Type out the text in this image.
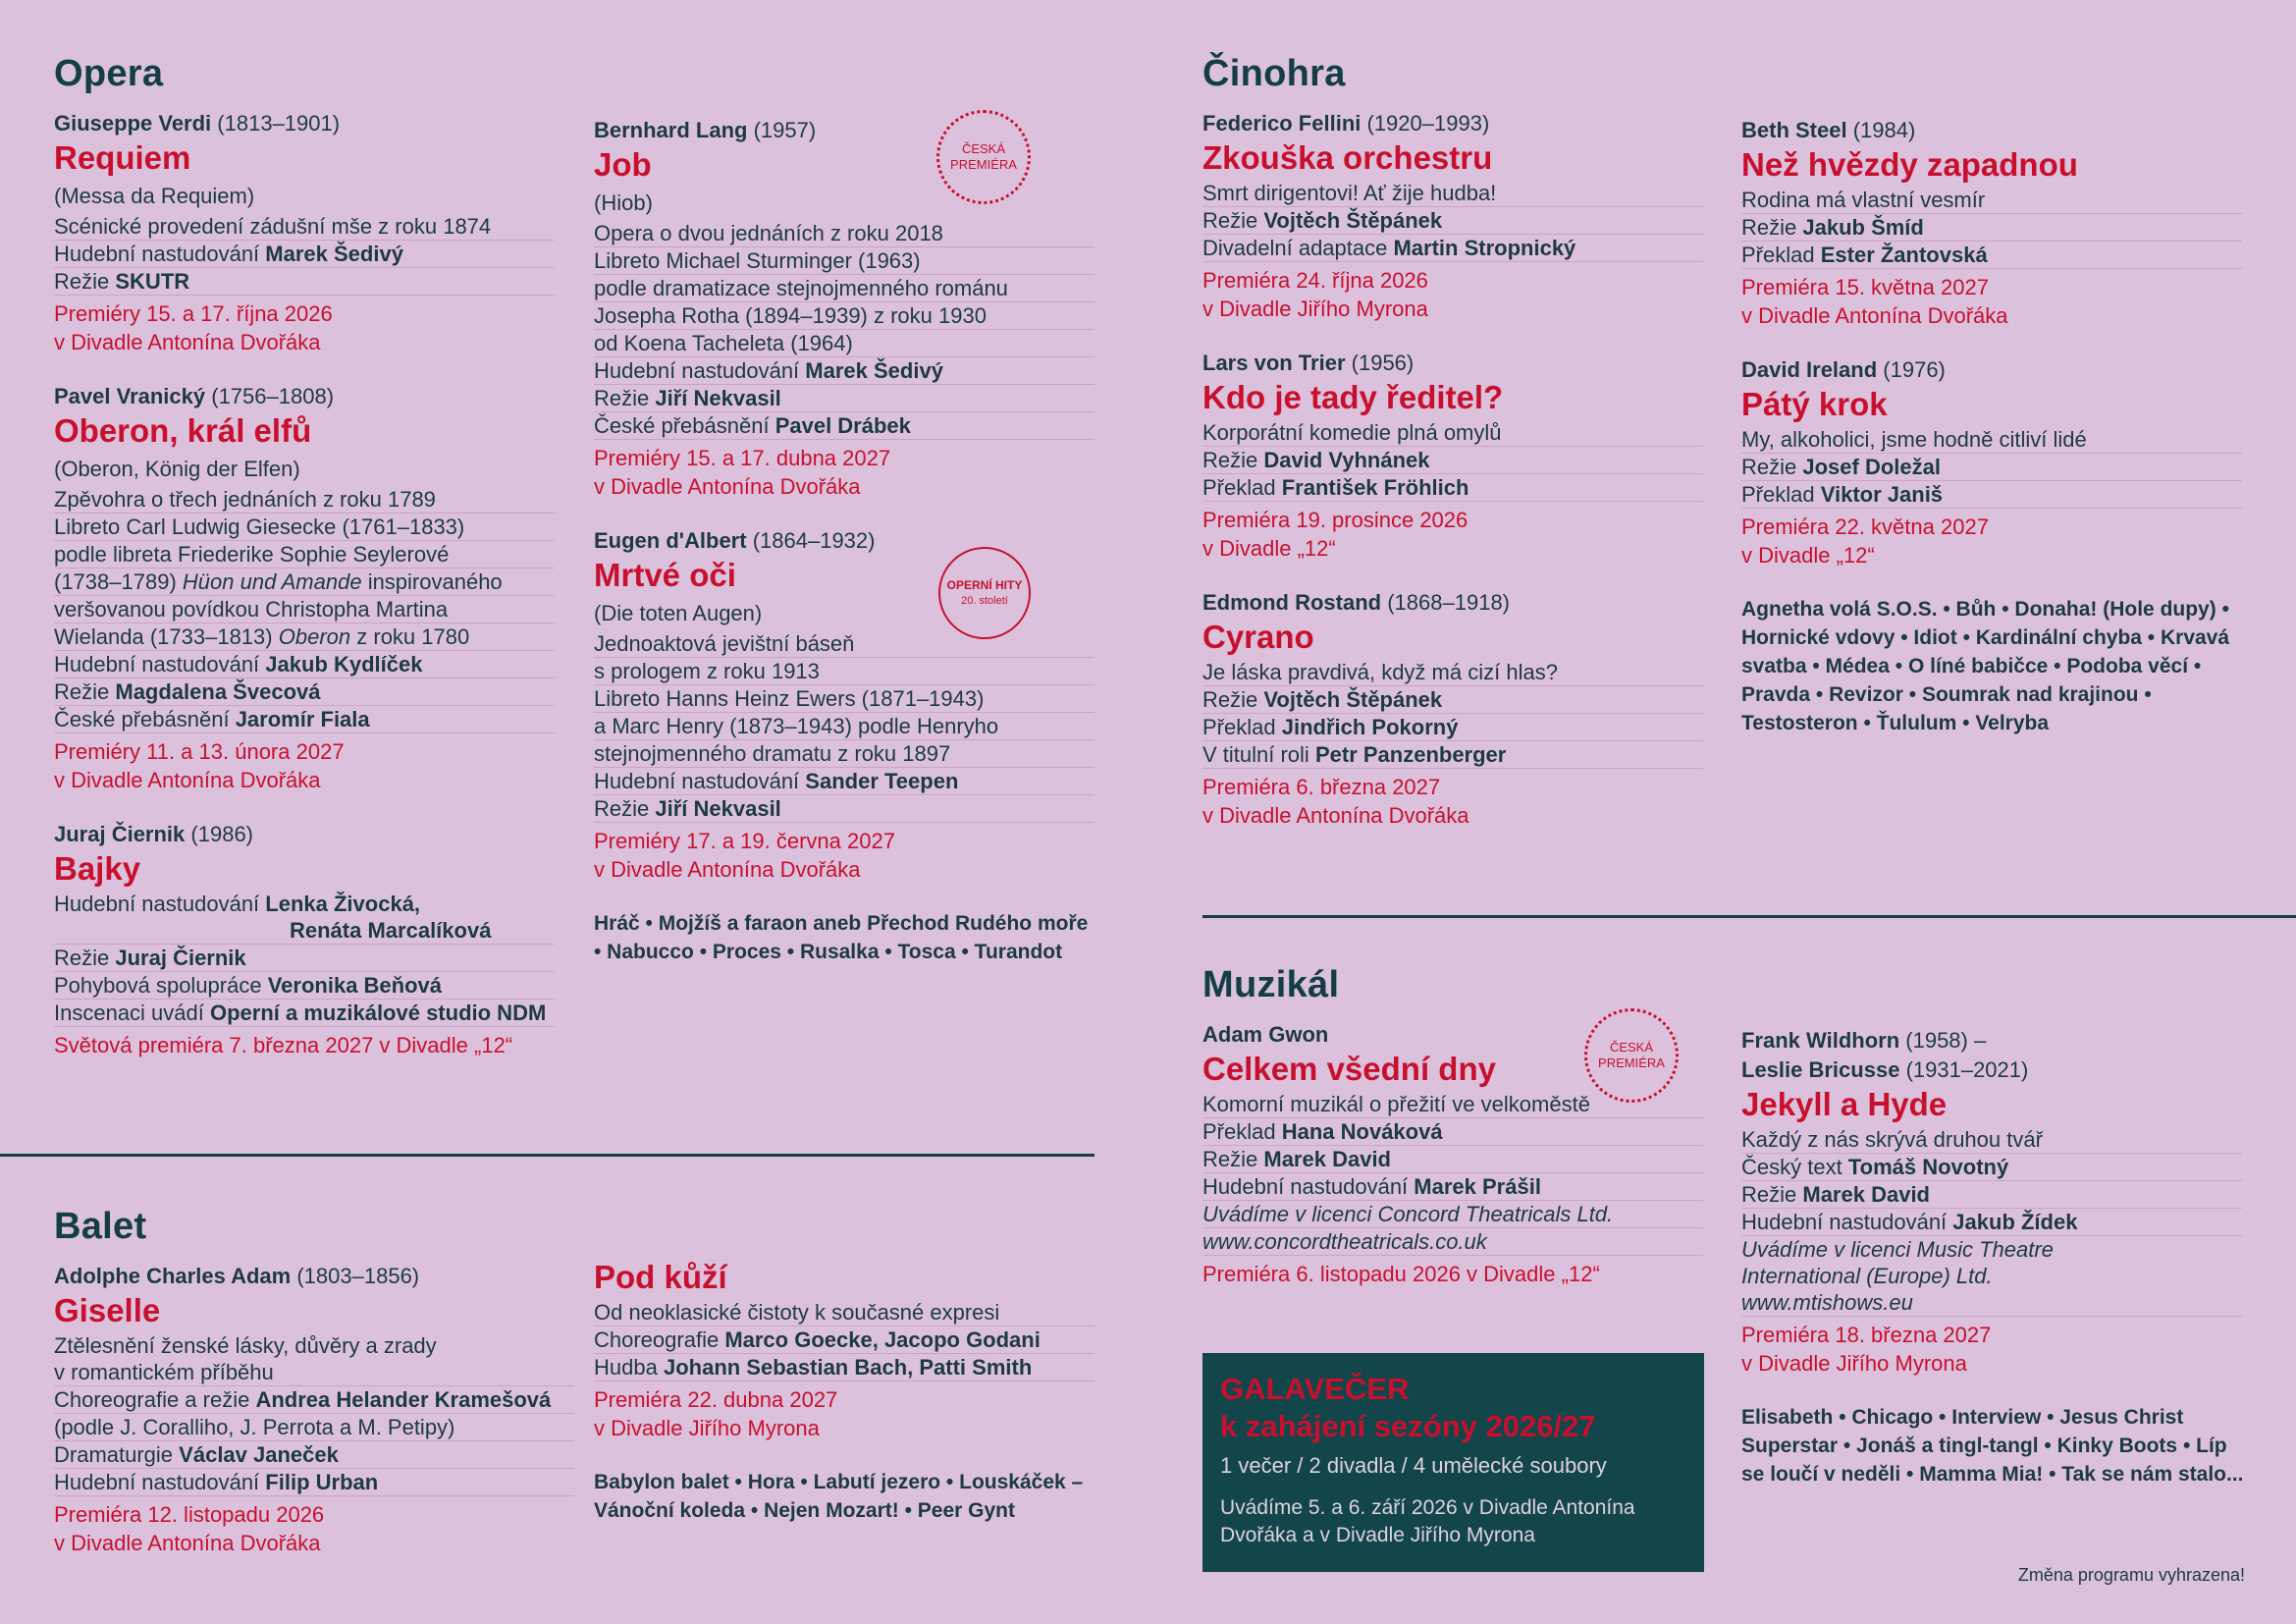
Opera
Giuseppe Verdi (1813–1901)
Requiem
(Messa da Requiem)
Scénické provedení zádušní mše z roku 1874
Hudební nastudování Marek Šedivý
Režie SKUTR
Premiéry 15. a 17. října 2026
v Divadle Antonína Dvořáka
Pavel Vranický (1756–1808)
Oberon, král elfů
(Oberon, König der Elfen)
Zpěvohra o třech jednáních z roku 1789
Libreto Carl Ludwig Giesecke (1761–1833)
podle libreta Friederike Sophie Seylerové
(1738–1789) Hüon und Amande inspirovaného
veršovanou povídkou Christopha Martina
Wielanda (1733–1813) Oberon z roku 1780
Hudební nastudování Jakub Kydlíček
Režie Magdalena Švecová
České přebásnění Jaromír Fiala
Premiéry 11. a 13. února 2027
v Divadle Antonína Dvořáka
Juraj Čiernik (1986)
Bajky
Hudební nastudování Lenka Živocká,
Renáta Marcalíková
Režie Juraj Čiernik
Pohybová spolupráce Veronika Beňová
Inscenaci uvádí Operní a muzikálové studio NDM
Světová premiéra 7. března 2027 v Divadle „12“
Bernhard Lang (1957)
Job
(Hiob)
Opera o dvou jednáních z roku 2018
Libreto Michael Sturminger (1963)
podle dramatizace stejnojmenného románu
Josepha Rotha (1894–1939) z roku 1930
od Koena Tacheleta (1964)
Hudební nastudování Marek Šedivý
Režie Jiří Nekvasil
České přebásnění Pavel Drábek
Premiéry 15. a 17. dubna 2027
v Divadle Antonína Dvořáka
Eugen d'Albert (1864–1932)
Mrtvé oči
(Die toten Augen)
Jednoaktová jevištní báseň
s prologem z roku 1913
Libreto Hanns Heinz Ewers (1871–1943)
a Marc Henry (1873–1943) podle Henryho
stejnojmenného dramatu z roku 1897
Hudební nastudování Sander Teepen
Režie Jiří Nekvasil
Premiéry 17. a 19. června 2027
v Divadle Antonína Dvořáka
Hráč • Mojžíš a faraon aneb Přechod Rudého moře • Nabucco • Proces • Rusalka • Tosca • Turandot
ČESKÁ PREMIÉRA
OPERNÍ HITY
20. století
Balet
Adolphe Charles Adam (1803–1856)
Giselle
Ztělesnění ženské lásky, důvěry a zrady
v romantickém příběhu
Choreografie a režie Andrea Helander Kramešová
(podle J. Coralliho, J. Perrota a M. Petipy)
Dramaturgie Václav Janeček
Hudební nastudování Filip Urban
Premiéra 12. listopadu 2026
v Divadle Antonína Dvořáka
Pod kůží
Od neoklasické čistoty k současné expresi
Choreografie Marco Goecke, Jacopo Godani
Hudba Johann Sebastian Bach, Patti Smith
Premiéra 22. dubna 2027
v Divadle Jiřího Myrona
Babylon balet • Hora • Labutí jezero • Louskáček – Vánoční koleda • Nejen Mozart! • Peer Gynt
Činohra
Federico Fellini (1920–1993)
Zkouška orchestru
Smrt dirigentovi! Ať žije hudba!
Režie Vojtěch Štěpánek
Divadelní adaptace Martin Stropnický
Premiéra 24. října 2026
v Divadle Jiřího Myrona
Lars von Trier (1956)
Kdo je tady ředitel?
Korporátní komedie plná omylů
Režie David Vyhnánek
Překlad František Fröhlich
Premiéra 19. prosince 2026
v Divadle „12“
Edmond Rostand (1868–1918)
Cyrano
Je láska pravdivá, když má cizí hlas?
Režie Vojtěch Štěpánek
Překlad Jindřich Pokorný
V titulní roli Petr Panzenberger
Premiéra 6. března 2027
v Divadle Antonína Dvořáka
Beth Steel (1984)
Než hvězdy zapadnou
Rodina má vlastní vesmír
Režie Jakub Šmíd
Překlad Ester Žantovská
Premiéra 15. května 2027
v Divadle Antonína Dvořáka
David Ireland (1976)
Pátý krok
My, alkoholici, jsme hodně citliví lidé
Režie Josef Doležal
Překlad Viktor Janiš
Premiéra 22. května 2027
v Divadle „12“
Agnetha volá S.O.S. • Bůh • Donaha! (Hole dupy) • Hornické vdovy • Idiot • Kardinální chyba • Krvavá svatba • Médea • O líné babičce • Podoba věcí • Pravda • Revizor • Soumrak nad krajinou • Testosteron • Ťululum • Velryba
Muzikál
Adam Gwon
Celkem všední dny
Komorní muzikál o přežití ve velkoměstě
Překlad Hana Nováková
Režie Marek David
Hudební nastudování Marek Prášil
Uvádíme v licenci Concord Theatricals Ltd.
www.concordtheatricals.co.uk
Premiéra 6. listopadu 2026 v Divadle „12“
ČESKÁ PREMIÉRA
Frank Wildhorn (1958) –
Leslie Bricusse (1931–2021)
Jekyll a Hyde
Každý z nás skrývá druhou tvář
Český text Tomáš Novotný
Režie Marek David
Hudební nastudování Jakub Žídek
Uvádíme v licenci Music Theatre
International (Europe) Ltd.
www.mtishows.eu
Premiéra 18. března 2027
v Divadle Jiřího Myrona
Elisabeth • Chicago • Interview • Jesus Christ Superstar • Jonáš a tingl-tangl • Kinky Boots • Líp se loučí v neděli • Mamma Mia! • Tak se nám stalo...
GALAVEČER
k zahájení sezóny 2026/27
1 večer / 2 divadla / 4 umělecké soubory
Uvádíme 5. a 6. září 2026 v Divadle Antonína Dvořáka a v Divadle Jiřího Myrona
Změna programu vyhrazena!
